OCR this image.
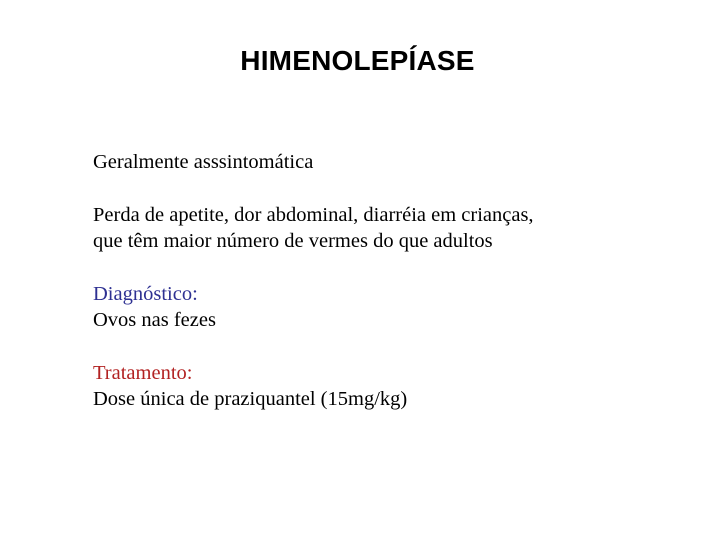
HIMENOLEPÍASE

Geralmente asssintomática

Perda de apetite, dor abdominal, diarréia em crianças,
que têm maior número de vermes do que adultos

Diagnóstico:
Ovos nas fezes

Tratamento:
Dose única de praziquantel (15mg/kg)
